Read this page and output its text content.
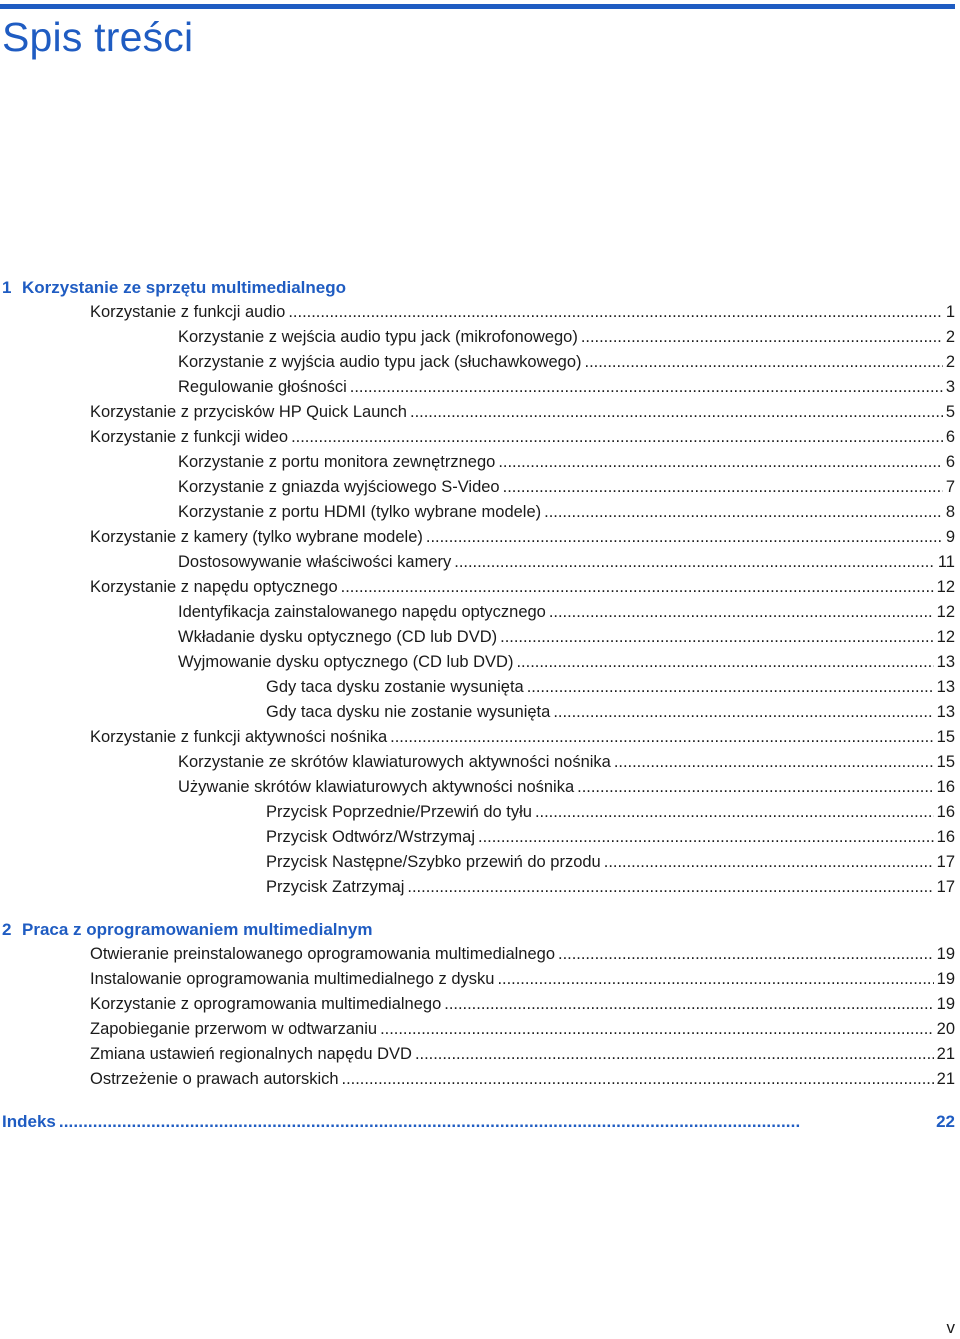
Spis treści
1 Korzystanie ze sprzętu multimedialnego
Korzystanie z funkcji audio . . .	1
Korzystanie z wejścia audio typu jack (mikrofonowego) . . .	2
Korzystanie z wyjścia audio typu jack (słuchawkowego) . . .	2
Regulowanie głośności . . .	3
Korzystanie z przycisków HP Quick Launch . . .	5
Korzystanie z funkcji wideo . . .	6
Korzystanie z portu monitora zewnętrznego . . .	6
Korzystanie z gniazda wyjściowego S-Video . . .	7
Korzystanie z portu HDMI (tylko wybrane modele) . . .	8
Korzystanie z kamery (tylko wybrane modele) . . .	9
Dostosowywanie właściwości kamery . . .	11
Korzystanie z napędu optycznego . . .	12
Identyfikacja zainstalowanego napędu optycznego . . .	12
Wkładanie dysku optycznego (CD lub DVD) . . .	12
Wyjmowanie dysku optycznego (CD lub DVD) . . .	13
Gdy taca dysku zostanie wysunięta . . .	13
Gdy taca dysku nie zostanie wysunięta . . .	13
Korzystanie z funkcji aktywności nośnika . . .	15
Korzystanie ze skrótów klawiaturowych aktywności nośnika . . .	15
Używanie skrótów klawiaturowych aktywności nośnika . . .	16
Przycisk Poprzednie/Przewiń do tyłu . . .	16
Przycisk Odtwórz/Wstrzymaj . . .	16
Przycisk Następne/Szybko przewiń do przodu . . .	17
Przycisk Zatrzymaj . . .	17
2 Praca z oprogramowaniem multimedialnym
Otwieranie preinstalowanego oprogramowania multimedialnego . . .	19
Instalowanie oprogramowania multimedialnego z dysku . . .	19
Korzystanie z oprogramowania multimedialnego . . .	19
Zapobieganie przerwom w odtwarzaniu . . .	20
Zmiana ustawień regionalnych napędu DVD . . .	21
Ostrzeżenie o prawach autorskich . . .	21
Indeks . . .	22
v
